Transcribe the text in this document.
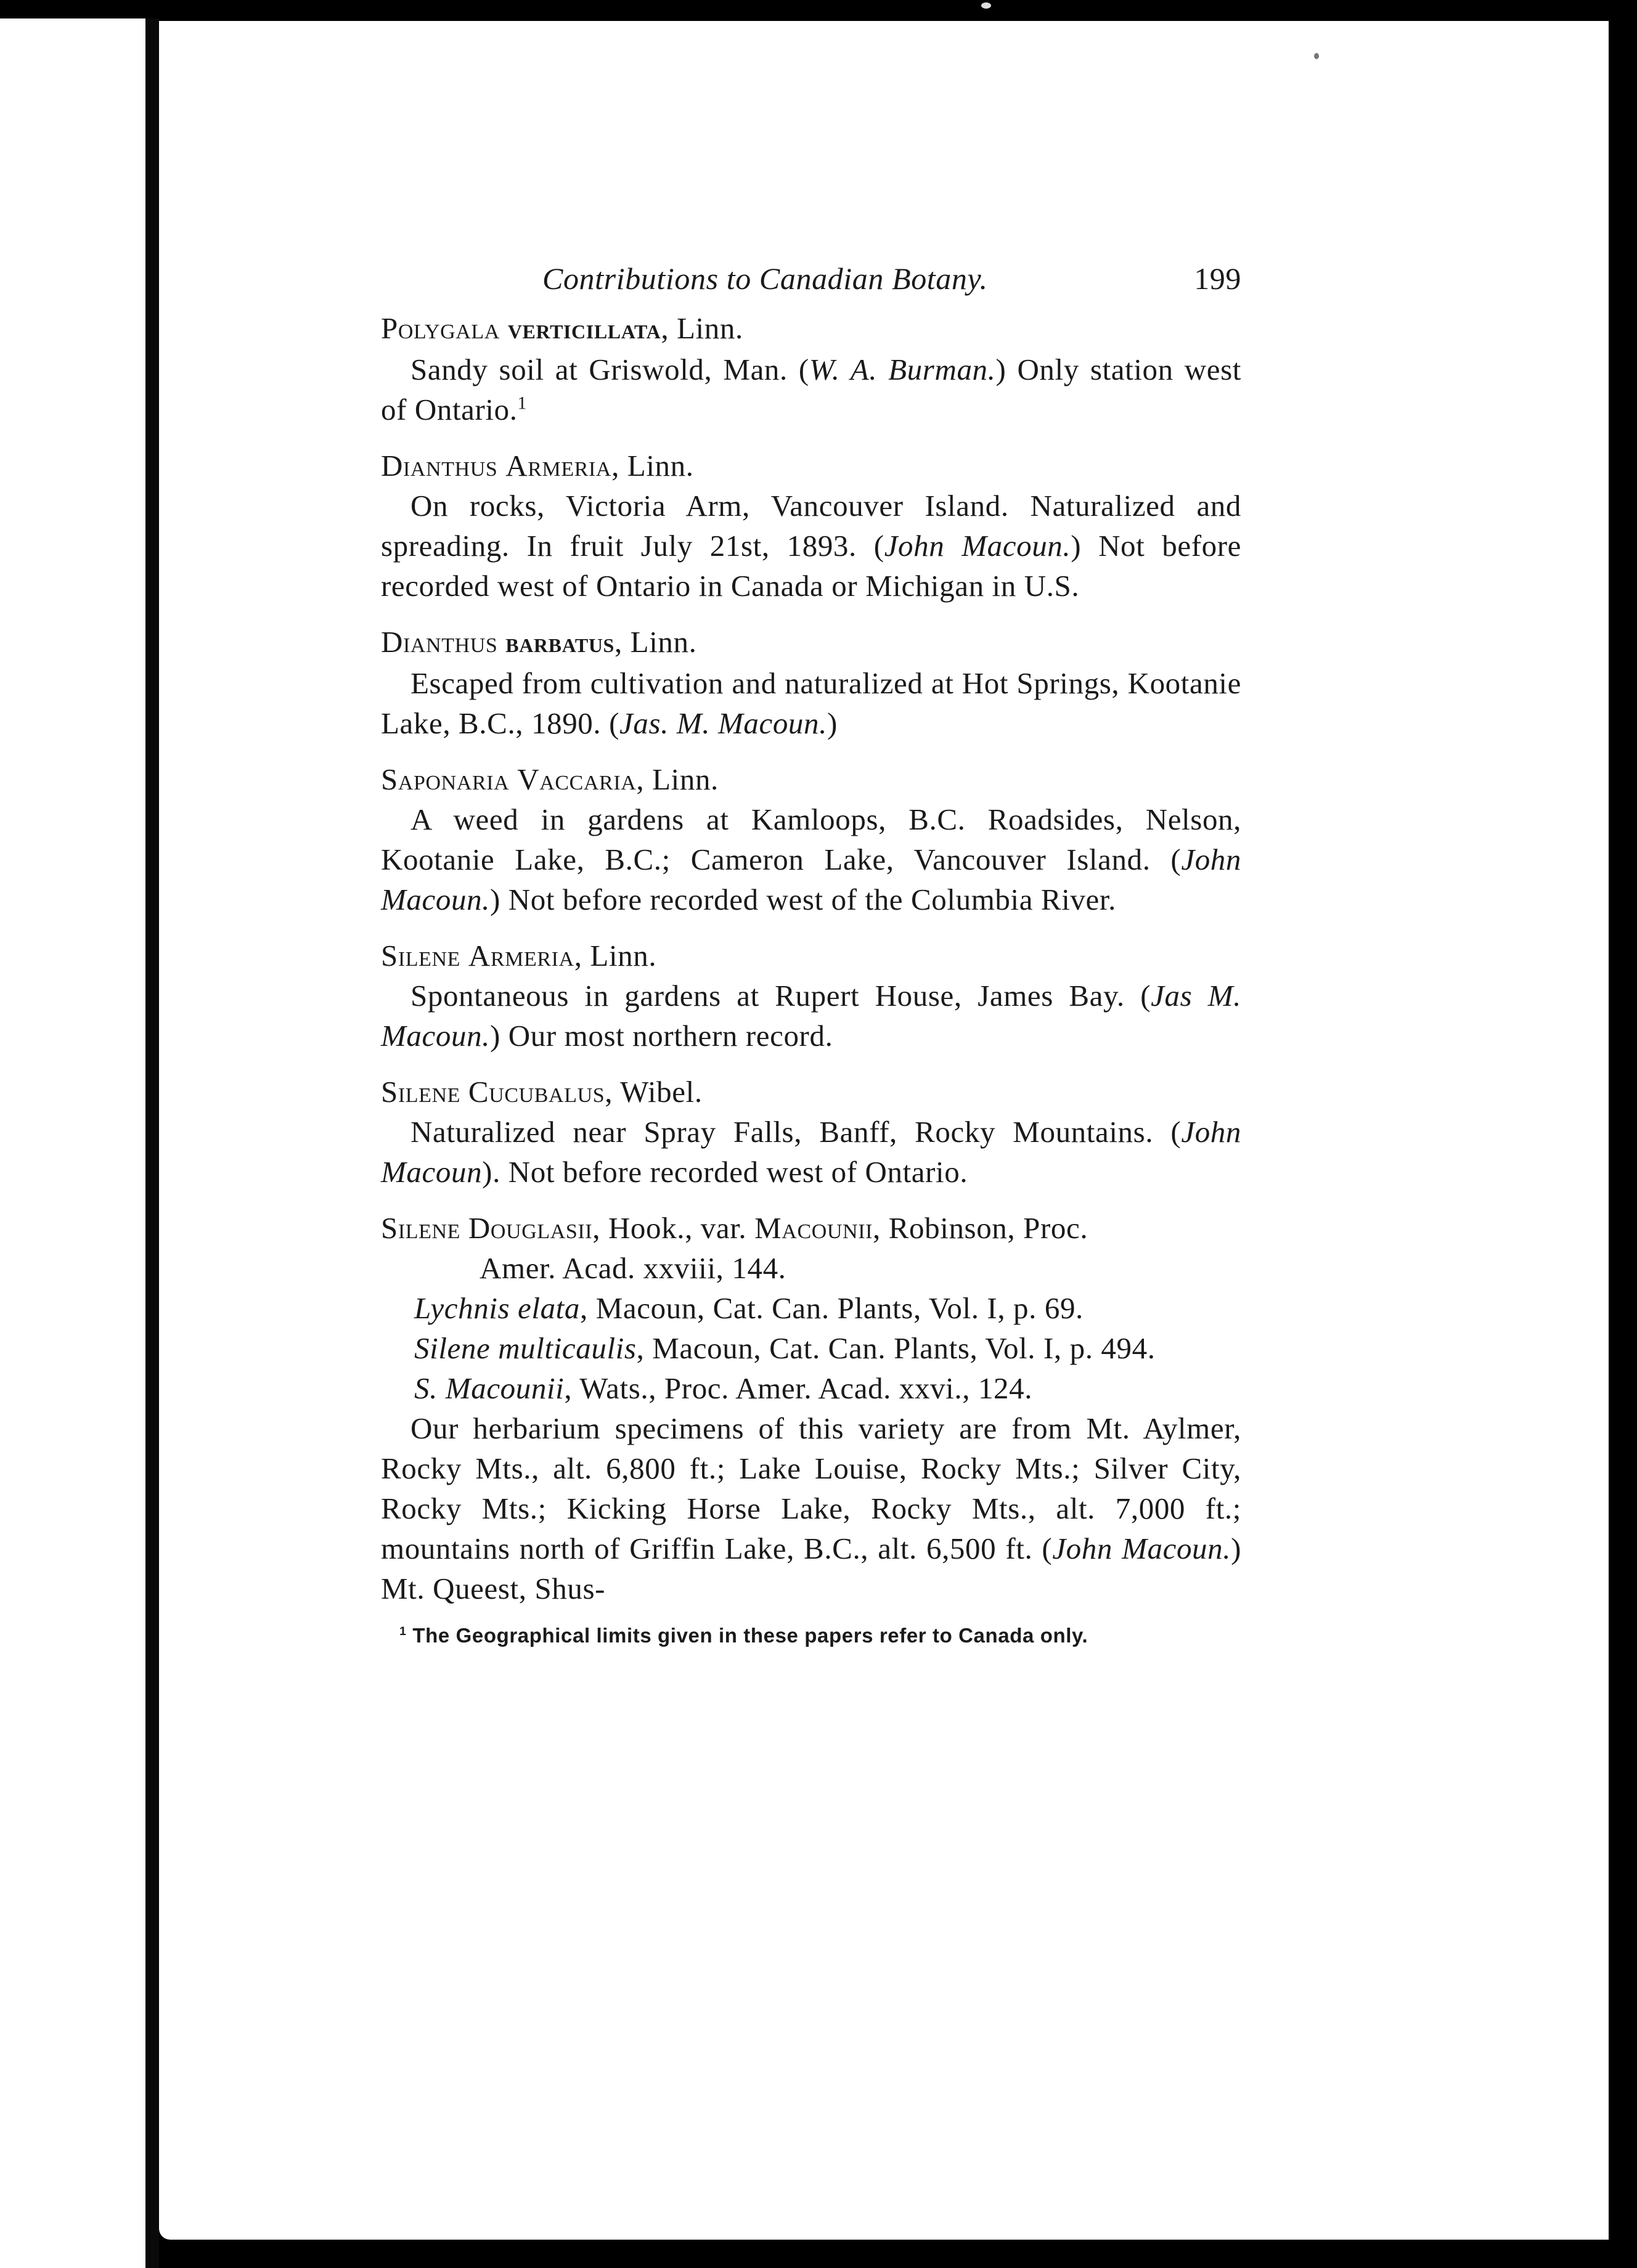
Contributions to Canadian Botany.	199

Polygala verticillata, Linn.

Sandy soil at Griswold, Man. (W. A. Burman.) Only station west of Ontario.$^1$

Dianthus Armeria, Linn.

On rocks, Victoria Arm, Vancouver Island. Naturalized and spreading. In fruit July 21st, 1893. (John Macoun.) Not before recorded west of Ontario in Canada or Michigan in U.S.

Dianthus barbatus, Linn.

Escaped from cultivation and naturalized at Hot Springs, Kootanie Lake, B.C., 1890. (Jas. M. Macoun.)

Saponaria Vaccaria, Linn.

A weed in gardens at Kamloops, B.C. Roadsides, Nelson, Kootanie Lake, B.C.; Cameron Lake, Vancouver Island. (John Macoun.) Not before recorded west of the Columbia River.

Silene Armeria, Linn.

Spontaneous in gardens at Rupert House, James Bay. (Jas M. Macoun.) Our most northern record.

Silene Cucubalus, Wibel.

Naturalized near Spray Falls, Banff, Rocky Mountains. (John Macoun). Not before recorded west of Ontario.

Silene Douglasii, Hook., var. Macounii, Robinson, Proc.

Amer. Acad. xxviii, 144.

Lychnis elata, Macoun, Cat. Can. Plants, Vol. I, p. 69.

Silene multicaulis, Macoun, Cat. Can. Plants, Vol. I, p. 494.

S. Macounii, Wats., Proc. Amer. Acad. xxvi., 124.

Our herbarium specimens of this variety are from Mt. Aylmer, Rocky Mts., alt. 6,800 ft.; Lake Louise, Rocky Mts.; Silver City, Rocky Mts.; Kicking Horse Lake, Rocky Mts., alt. 7,000 ft.; mountains north of Griffin Lake, B.C., alt. 6,500 ft. (John Macoun.) Mt. Queest, Shus-

$^1$ The Geographical limits given in these papers refer to Canada only.
